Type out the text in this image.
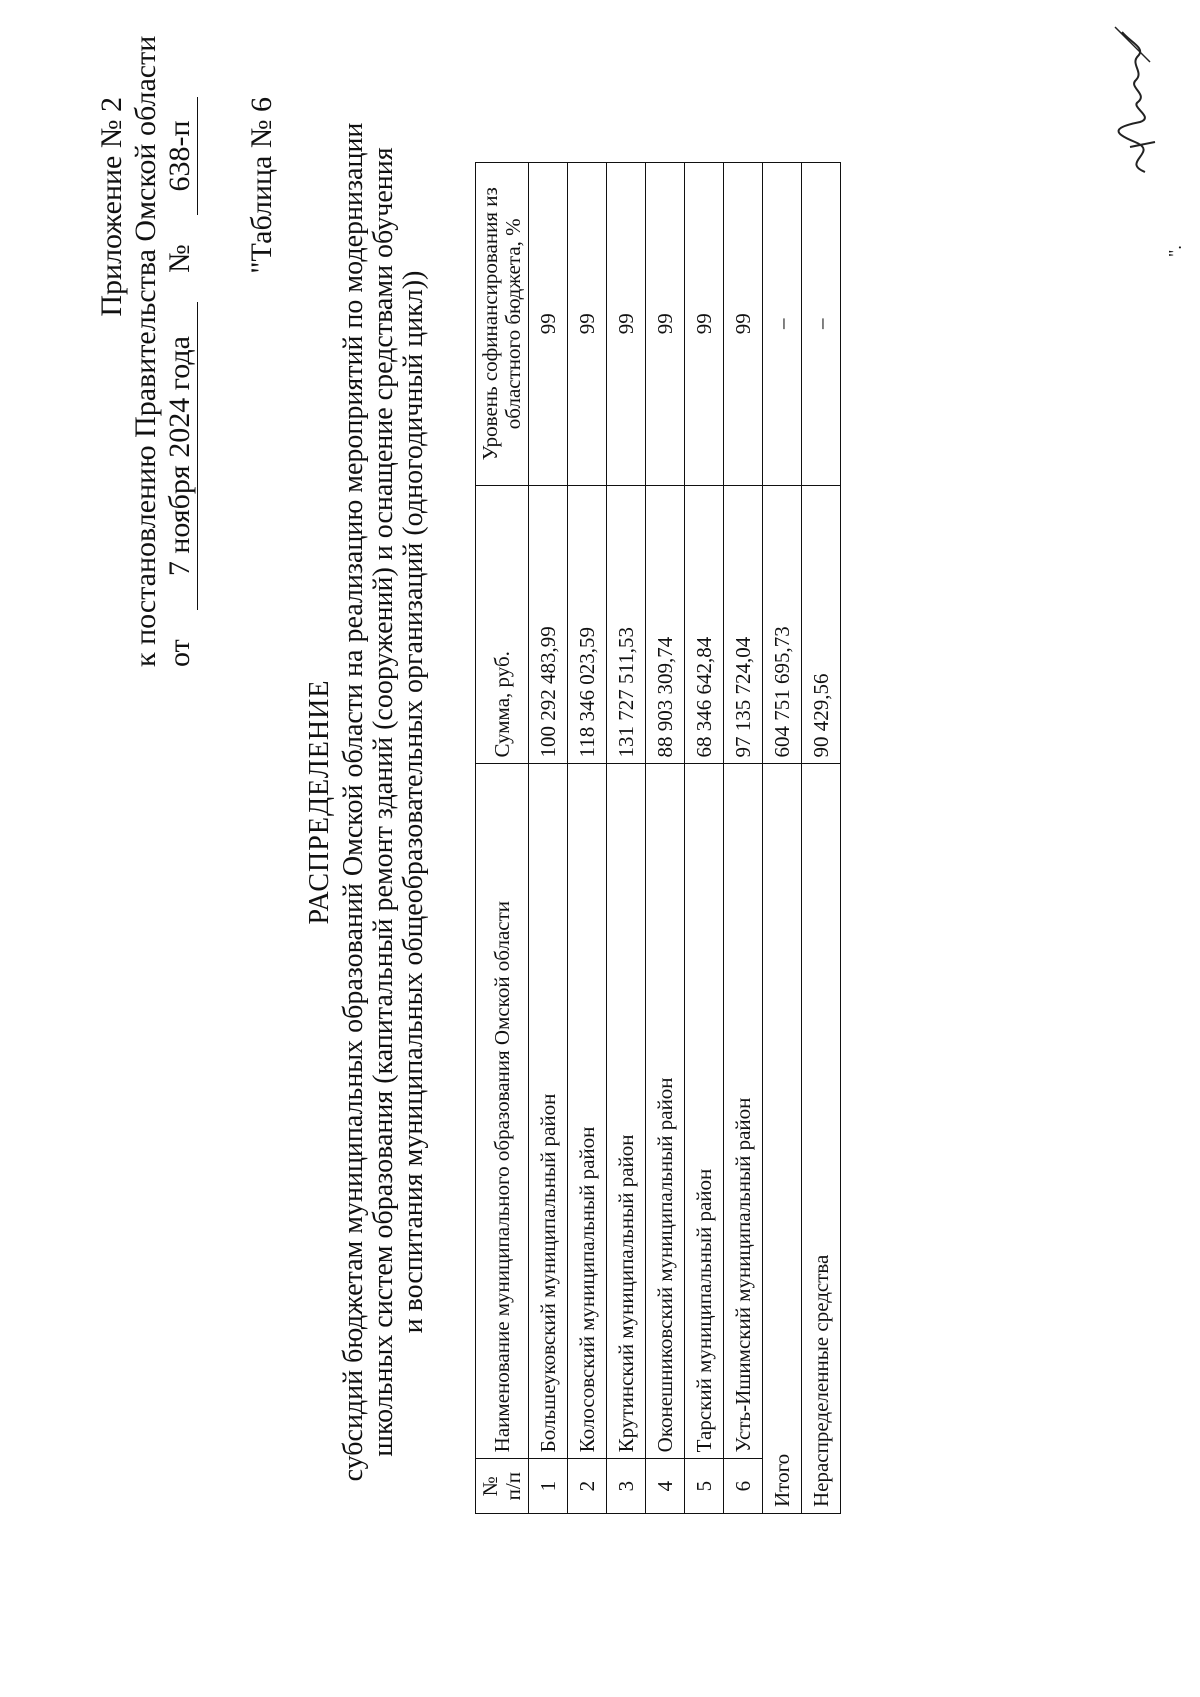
Приложение № 2 к постановлению Правительства Омской области от
7 ноября 2024 года
№
638-п "Таблица № 6
РАСПРЕДЕЛЕНИЕ субсидий бюджетам муниципальных образований Омской области на реализацию мероприятий по модернизации школьных систем образования (капитальный ремонт зданий (сооружений) и оснащение средствами обучения и воспитания муниципальных общеобразовательных организаций (одногодичный цикл))
№ п/п	Наименование муниципального образования Омской области	Сумма, руб.	Уровень софинансирования из областного бюджета, %
1	Большеуковский муниципальный район	100 292 483,99	99
2	Колосовский муниципальный район	118 346 023,59	99
3	Крутинский муниципальный район	131 727 511,53	99
4	Оконешниковский муниципальный район	88 903 309,74	99
5	Тарский муниципальный район	68 346 642,84	99
6	Усть-Ишимский муниципальный район	97 135 724,04	99
Итого		604 751 695,73	–
Нераспределенные средства		90 429,56	–
".
